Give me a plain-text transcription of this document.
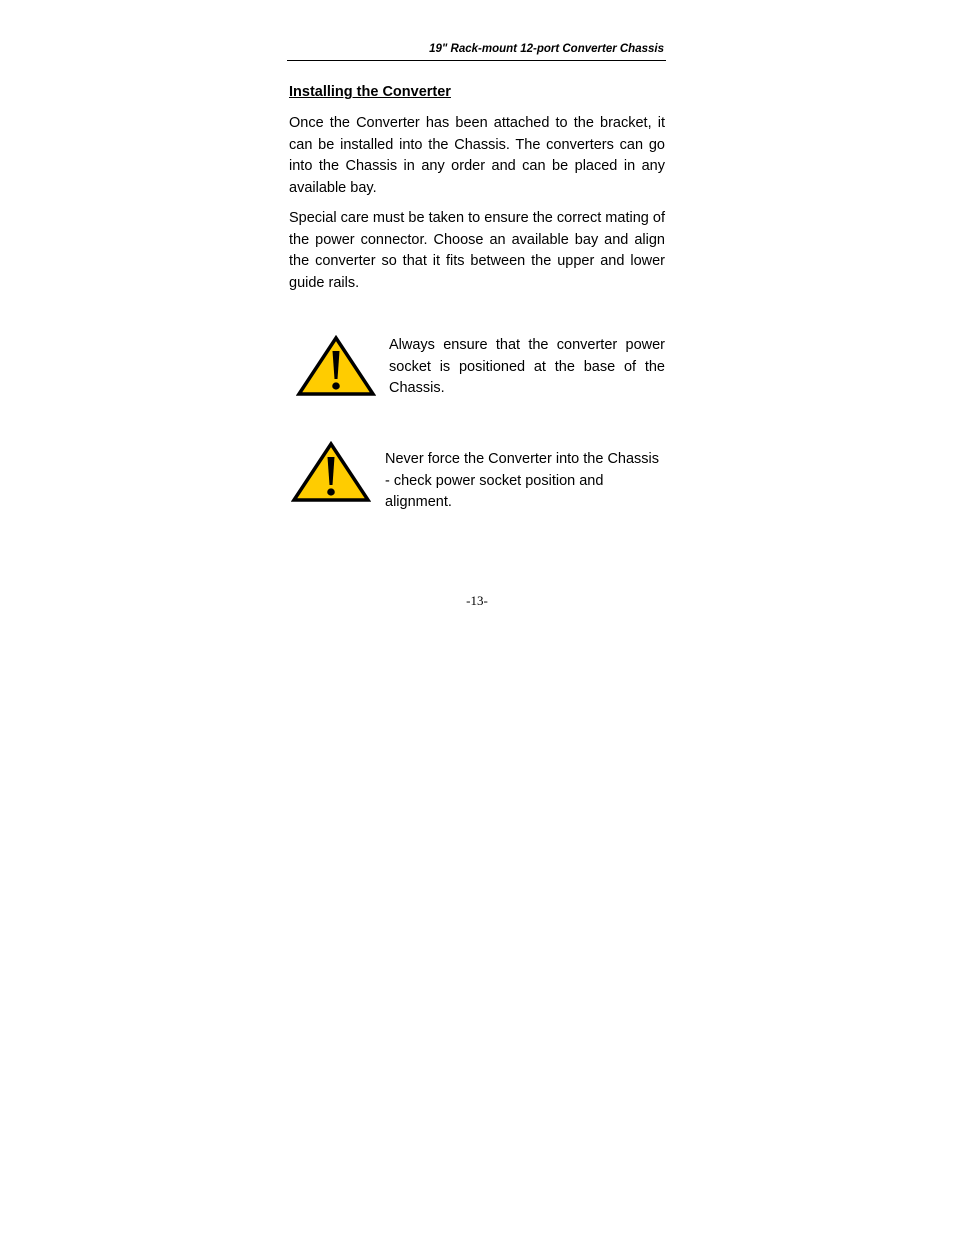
19" Rack-mount 12-port Converter Chassis
Installing the Converter

Once the Converter has been attached to the bracket, it can be installed into the Chassis. The converters can go into the Chassis in any order and can be placed in any available bay.

Special care must be taken to ensure the correct mating of the power connector. Choose an available bay and align the converter so that it fits between the upper and lower guide rails.

Always ensure that the converter power socket is positioned at the base of the Chassis.

Never force the Converter into the Chassis - check power socket position and alignment.

-13-
